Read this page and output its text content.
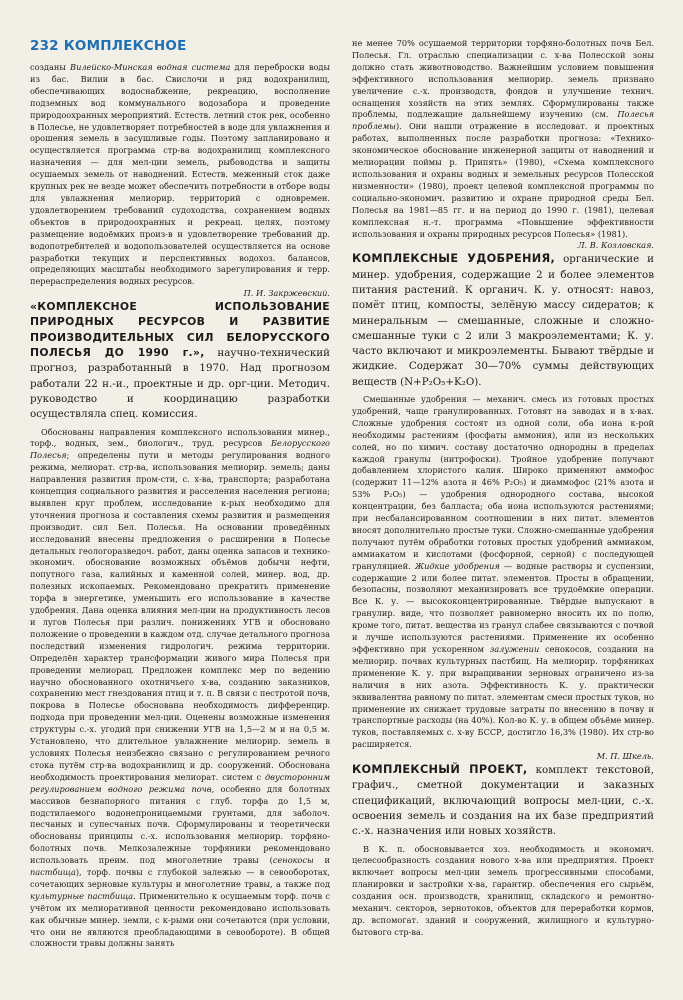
232 КОМПЛЕКСНОЕ

созданы Вилейско-Минская водная система для переброски воды из бас. Вилии в бас. Свислочи и ряд водохранилищ, обеспечивающих водоснабжение, рекреацию, восполнение подземных вод коммунального водозабора и проведение природоохранных мероприятий. Естеств. летний сток рек, особенно в Полесье, не удовлетворяет потребностей в воде для увлажнения и орошения земель в засушливые годы. Поэтому запланировано и осуществляется программа стр-ва водохранилищ комплексного назначения — для мел-ции земель, рыбоводства и защиты осушаемых земель от наводнений. Естеств. меженный сток даже крупных рек не везде может обеспечить потребности в отборе воды для увлажнения мелиорир. территорий с одновремен. удовлетворением требований судоходства, сохранением водных объектов в природоохранных и рекреац. целях, поэтому размещение водоёмких произ-в и удовлетворение требований др. водопотребителей и водопользователей осуществляется на основе разработки текущих и перспективных водохоз. балансов, определяющих масштабы необходимого зарегулирования и терр. перераспределения водных ресурсов.

П. И. Закржевский.

«КОМПЛЕКСНОЕ ИСПОЛЬЗОВАНИЕ ПРИРОДНЫХ РЕСУРСОВ И РАЗВИТИЕ ПРОИЗВОДИТЕЛЬНЫХ СИЛ БЕЛОРУССКОГО ПОЛЕСЬЯ ДО 1990 г.», научно-технический прогноз, разработанный в 1970. Над прогнозом работали 22 н.-и., проектные и др. орг-ции. Методич. руководство и координацию разработки осуществляла спец. комиссия.

Обоснованы направления комплексного использования минер., торф., водных, зем., биологич., труд. ресурсов Белорусского Полесья; определены пути и методы регулирования водного режима, мелиорат. стр-ва, использования мелиорир. земель; даны направления развития пром-сти, с. х-ва, транспорта; разработана концепция социального развития и расселения населения региона; выявлен круг проблем, исследование к-рых необходимо для уточнения прогноза и составления схемы развития и размещения производит. сил Бел. Полесья. На основании проведённых исследований внесены предложения о расширении в Полесье детальных геологоразведоч. работ, даны оценка запасов и технико-экономич. обоснование возможных объёмов добычи нефти, попутного газа, калийных и каменной солей, минер. вод, др. полезных ископаемых. Рекомендовано прекратить применение торфа в энергетике, уменьшить его использование в качестве удобрения. Дана оценка влияния мел-ции на продуктивность лесов и лугов Полесья при различ. понижениях УГВ и обосновано положение о проведении в каждом отд. случае детального прогноза последствий изменения гидрологич. режима территории. Определён характер трансформации живого мира Полесья при проведении мелиорац. Предложен комплекс мер по ведению научно обоснованного охотничьего х-ва, созданию заказников, сохранению мест гнездования птиц и т. п. В связи с пестротой почв, покрова в Полесье обоснована необходимость дифференцир. подхода при проведении мел-ции. Оценены возможные изменения структуры с.-х. угодий при снижении УГВ на 1,5—2 м и на 0,5 м. Установлено, что длительное увлажнение мелиорир. земель в условиях Полесья неизбежно связано с регулированием речного стока путём стр-ва водохранилищ и др. сооружений. Обоснована необходимость проектирования мелиорат. систем с двусторонним регулированием водного режима почв, особенно для болотных массивов безнапорного питания с глуб. торфа до 1,5 м, подстилаемого водонепроницаемыми грунтами, для заболоч. песчаных и супесчаных почв. Сформулированы и теоретически обоснованы принципы с.-х. использования мелиорир. торфяно-болотных почв. Мелкозалежные торфяники рекомендовано использовать преим. под многолетние травы (сенокосы и пастбища), торф. почвы с глубокой залежью — в севооборотах, сочетающих зерновые культуры и многолетние травы, а также под культурные пастбища. Применительно к осушаемым торф. почв с учётом их мелиоративной ценности рекомендовано использовать как обычные минер. земли, с к-рыми они сочетаются (при условии, что они не являются преобладающими в севообороте). В общей сложности травы должны занять

не менее 70% осушаемой территории торфяно-болотных почв Бел. Полесья. Гл. отраслью специализации с. х-ва Полесской зоны должно стать животноводство. Важнейшим условием повышения эффективного использования мелиорир. земель признано увеличение с.-х. производств, фондов и улучшение технич. оснащения хозяйств на этих землях. Сформулированы также проблемы, подлежащие дальнейшему изучению (см. Полесья проблемы). Они нашли отражение в исследоват. и проектных работах, выполненных после разработки прогноза: «Технико-экономическое обоснование инженерной защиты от наводнений и мелиорации поймы р. Припять» (1980), «Схема комплексного использования и охраны водных и земельных ресурсов Полесской низменности» (1980), проект целевой комплексной программы по социально-экономич. развитию и охране природной среды Бел. Полесья на 1981—85 гг. и на период до 1990 г. (1981), целевая комплексная н.-т. программа «Повышение эффективности использования и охраны природных ресурсов Полесья» (1981).

Л. В. Козловская.

КОМПЛЕКСНЫЕ УДОБРЕНИЯ, органические и минер. удобрения, содержащие 2 и более элементов питания растений. К органич. К. у. относят: навоз, помёт птиц, компосты, зелёную массу сидератов; к минеральным — смешанные, сложные и сложно-смешанные туки с 2 или 3 макроэлементами; К. у. часто включают и микроэлементы. Бывают твёрдые и жидкие. Содержат 30—70% суммы действующих веществ (N+P₂O₅+K₂O).

Смешанные удобрения — механич. смесь из готовых простых удобрений, чаще гранулированных. Готовят на заводах и в х-вах. Сложные удобрения состоят из одной соли, оба иона к-рой необходимы растениям (фосфаты аммония), или из нескольких солей, но по химич. составу достаточно однородны в пределах каждой гранулы (нитрофоски). Тройное удобрение получают добавлением хлористого калия. Широко применяют аммофос (содержит 11—12% азота и 46% P₂O₅) и диаммофос (21% азота и 53% P₂O₅) — удобрения однородного состава, высокой концентрации, без балласта; оба иона используются растениями; при несбалансированном соотношении в них питат. элементов вносят дополнительно простые туки. Сложно-смешанные удобрения получают путём обработки готовых простых удобрений аммиаком, аммиакатом и кислотами (фосфорной, серной) с последующей грануляцией. Жидкие удобрения — водные растворы и суспензии, содержащие 2 или более питат. элементов. Просты в обращении, безопасны, позволяют механизировать все трудоёмкие операции. Все К. у. — высококонцентрированные. Твёрдые выпускают в гранулир. виде, что позволяет равномерно вносить их по полю, кроме того, питат. вещества из гранул слабее связываются с почвой и лучше используются растениями. Применение их особенно эффективно при ускоренном залужении сенокосов, создании на мелиорир. почвах культурных пастбищ. На мелиорир. торфяниках применение К. у. при выращивании зерновых ограничено из-за наличия в них азота. Эффективность К. у. практически эквивалентна равному по питат. элементам смеси простых туков, но применение их снижает трудовые затраты по внесению в почву и транспортные расходы (на 40%). Кол-во К. у. в общем объёме минер. туков, поставляемых с. х-ву БССР, достигло 16,3% (1980). Их стр-во расширяется.

М. П. Шкель.

КОМПЛЕКСНЫЙ ПРОЕКТ, комплект текстовой, графич., сметной документации и заказных спецификаций, включающий вопросы мел-ции, с.-х. освоения земель и создания на их базе предприятий с.-х. назначения или новых хозяйств.

В К. п. обосновывается хоз. необходимость и экономич. целесообразность создания нового х-ва или предприятия. Проект включает вопросы мел-ции земель прогрессивными способами, планировки и застройки х-ва, гарантир. обеспечения его сырьём, создания осн. производств, хранилищ, складского и ремонтно-механич. секторов, зернотоков, объектов для переработки кормов, др. вспомогат. зданий и сооружений, жилищного и культурно-бытового стр-ва.
